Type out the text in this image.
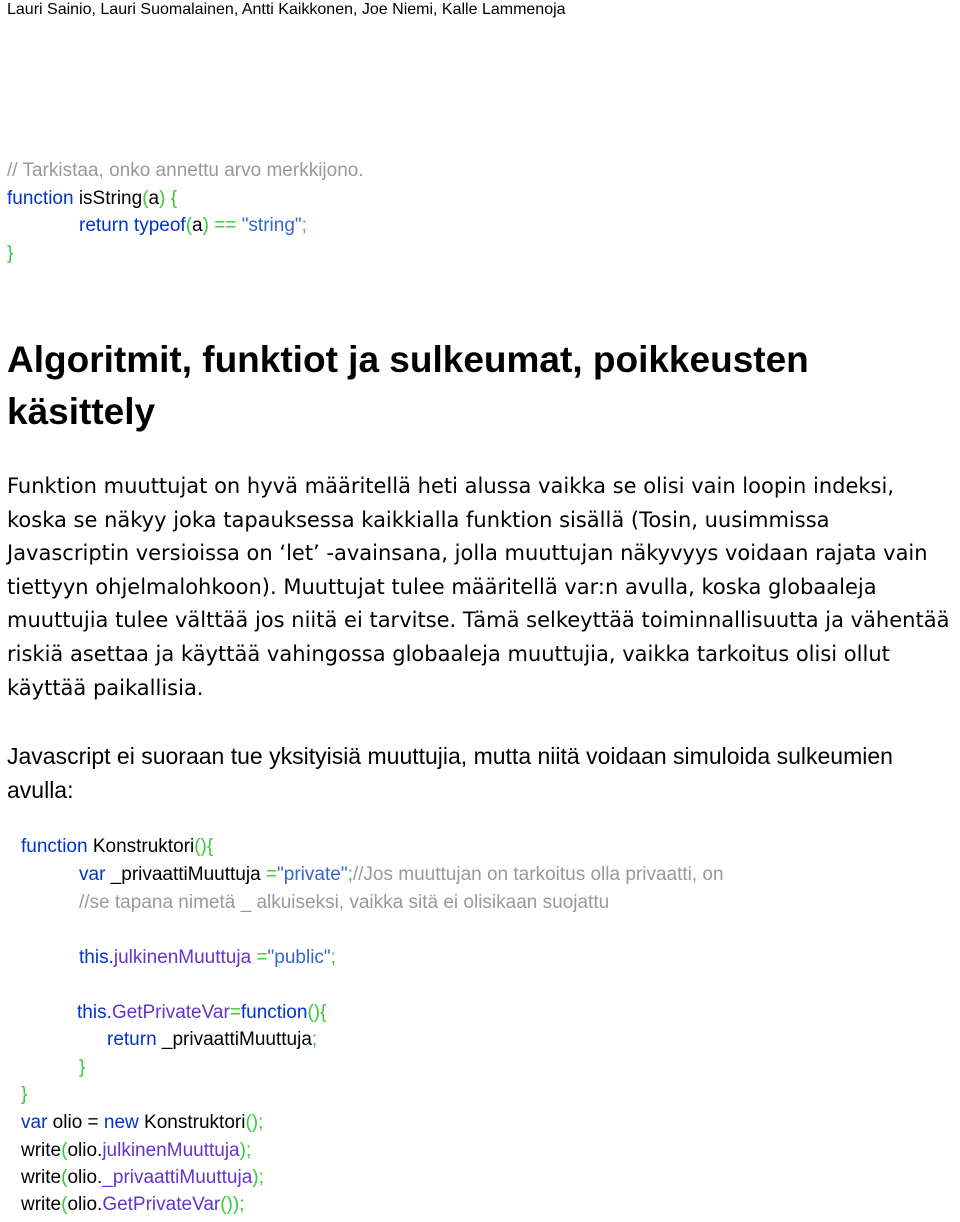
Lauri Sainio, Lauri Suomalainen, Antti Kaikkonen, Joe Niemi, Kalle Lammenoja

// Tarkistaa, onko annettu arvo merkkijono.

function isString(a) {

return typeof(a) == "string";

}

Algoritmit, funktiot ja sulkeumat, poikkeusten käsittely

Funktion muuttujat on hyvä määritellä heti alussa vaikka se olisi vain loopin indeksi, koska se näkyy joka tapauksessa kaikkialla funktion sisällä (Tosin, uusimmissa Javascriptin versioissa on ‘let’ -avainsana, jolla muuttujan näkyvyys voidaan rajata vain tiettyyn ohjelmalohkoon). Muuttujat tulee määritellä var:n avulla, koska globaaleja muuttujia tulee välttää jos niitä ei tarvitse. Tämä selkeyttää toiminnallisuutta ja vähentää riskiä asettaa ja käyttää vahingossa globaaleja muuttujia, vaikka tarkoitus olisi ollut käyttää paikallisia.

Javascript ei suoraan tue yksityisiä muuttujia, mutta niitä voidaan simuloida sulkeumien avulla:

function Konstruktori(){

var _privaattiMuuttuja ="private";//Jos muuttujan on tarkoitus olla privaatti, on

//se tapana nimetä _ alkuiseksi, vaikka sitä ei olisikaan suojattu

this.julkinenMuuttuja ="public";

this.GetPrivateVar=function(){

return _privaattiMuuttuja;

}

}

var olio = new Konstruktori();

write(olio.julkinenMuuttuja);

write(olio._privaattiMuuttuja);

write(olio.GetPrivateVar());
